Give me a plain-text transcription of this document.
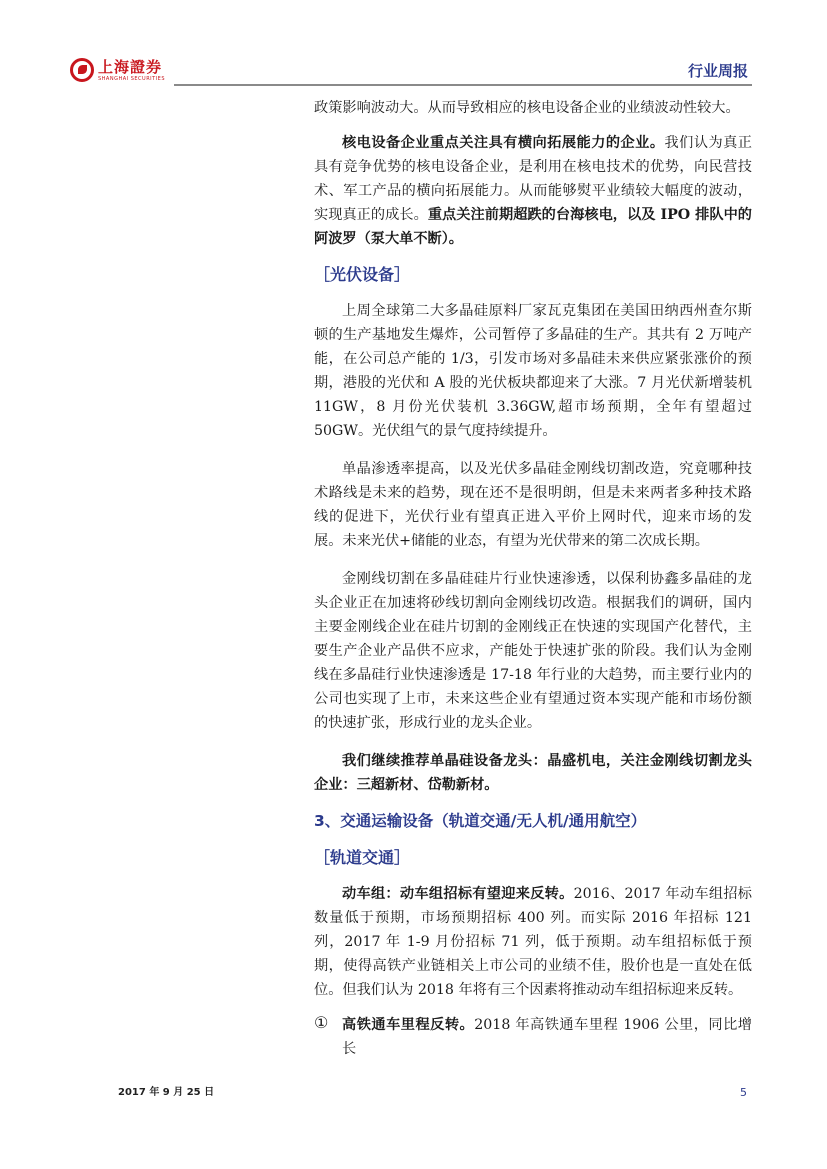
上海證券
SHANGHAI SECURITIES	行业周报

政策影响波动大。从而导致相应的核电设备企业的业绩波动性较大。

核电设备企业重点关注具有横向拓展能力的企业。我们认为真正具有竞争优势的核电设备企业，是利用在核电技术的优势，向民营技术、军工产品的横向拓展能力。从而能够熨平业绩较大幅度的波动，实现真正的成长。重点关注前期超跌的台海核电，以及 IPO 排队中的阿波罗（泵大单不断）。

［光伏设备］

上周全球第二大多晶硅原料厂家瓦克集团在美国田纳西州查尔斯顿的生产基地发生爆炸，公司暂停了多晶硅的生产。其共有 2 万吨产能，在公司总产能的 1/3，引发市场对多晶硅未来供应紧张涨价的预期，港股的光伏和 A 股的光伏板块都迎来了大涨。7 月光伏新增装机 11GW，8 月份光伏装机 3.36GW,超市场预期，全年有望超过 50GW。光伏组气的景气度持续提升。

单晶渗透率提高，以及光伏多晶硅金刚线切割改造，究竟哪种技术路线是未来的趋势，现在还不是很明朗，但是未来两者多种技术路线的促进下，光伏行业有望真正进入平价上网时代，迎来市场的发展。未来光伏+储能的业态，有望为光伏带来的第二次成长期。

金刚线切割在多晶硅硅片行业快速渗透，以保利协鑫多晶硅的龙头企业正在加速将砂线切割向金刚线切改造。根据我们的调研，国内主要金刚线企业在硅片切割的金刚线正在快速的实现国产化替代，主要生产企业产品供不应求，产能处于快速扩张的阶段。我们认为金刚线在多晶硅行业快速渗透是 17-18 年行业的大趋势，而主要行业内的公司也实现了上市，未来这些企业有望通过资本实现产能和市场份额的快速扩张，形成行业的龙头企业。

我们继续推荐单晶硅设备龙头：晶盛机电，关注金刚线切割龙头企业：三超新材、岱勒新材。

3、交通运输设备（轨道交通/无人机/通用航空）

［轨道交通］

动车组：动车组招标有望迎来反转。2016、2017 年动车组招标数量低于预期，市场预期招标 400 列。而实际 2016 年招标 121 列，2017 年 1-9 月份招标 71 列，低于预期。动车组招标低于预期，使得高铁产业链相关上市公司的业绩不佳，股价也是一直处在低位。但我们认为 2018 年将有三个因素将推动动车组招标迎来反转。

① 高铁通车里程反转。2018 年高铁通车里程 1906 公里，同比增长

2017 年 9 月 25 日	5
